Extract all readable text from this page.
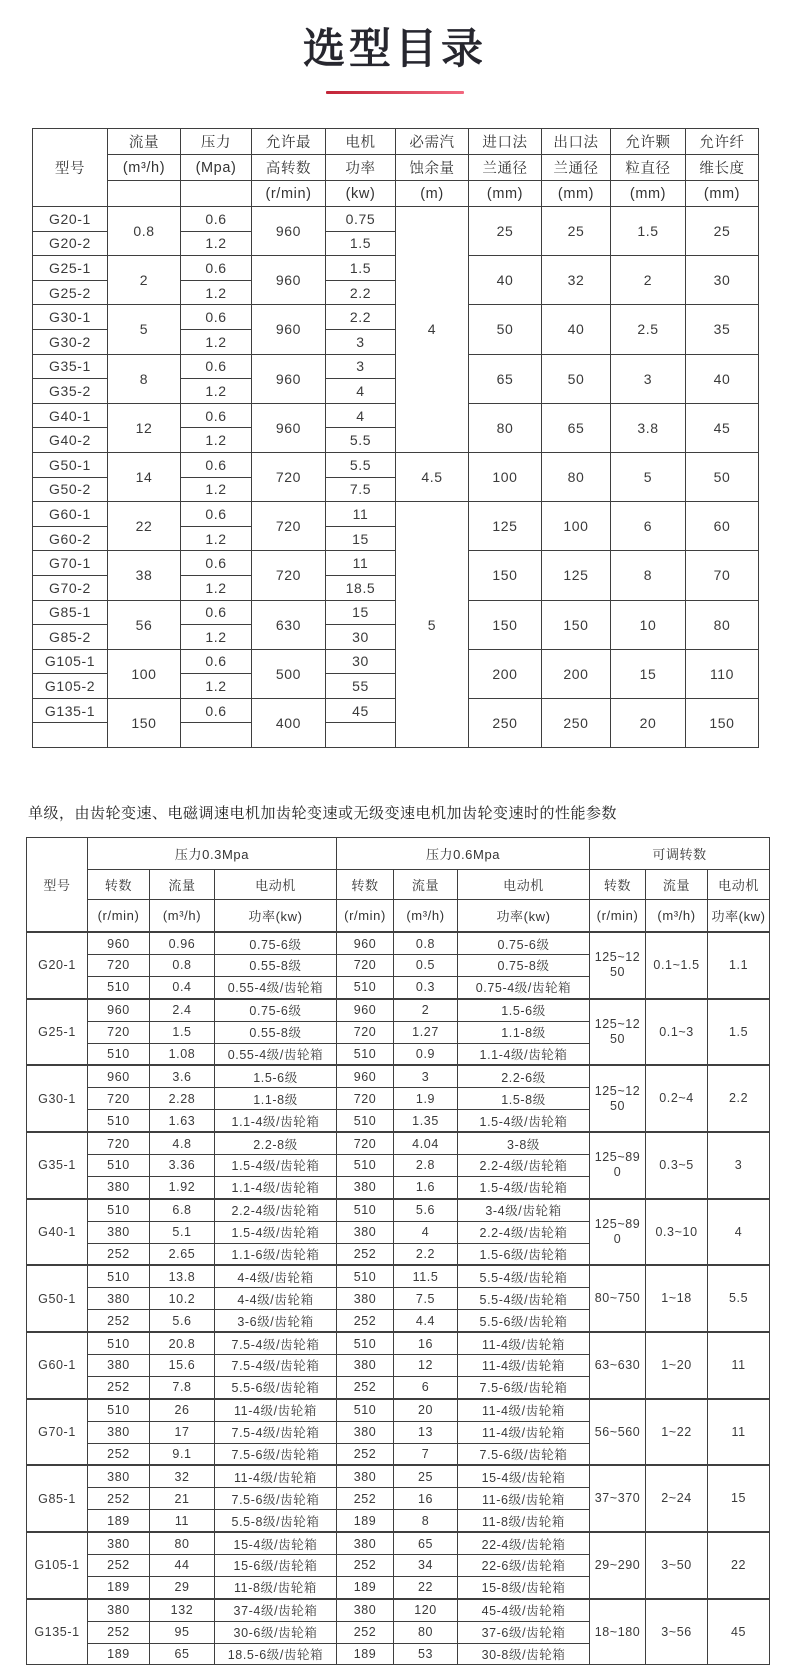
选型目录
型号	流量	压力	允许最	电机	必需汽	进口法	出口法	允许颗	允许纤
	(m³/h)	(Mpa)	高转数	功率	蚀余量	兰通径	兰通径	粒直径	维长度
			(r/min)	(kw)	(m)	(mm)	(mm)	(mm)	(mm)
G20-1	0.8	0.6	960	0.75	4	25	25	1.5	25
G20-2		1.2		1.5					
G25-1	2	0.6	960	1.5		40	32	2	30
G25-2		1.2		2.2					
G30-1	5	0.6	960	2.2		50	40	2.5	35
G30-2		1.2		3					
G35-1	8	0.6	960	3		65	50	3	40
G35-2		1.2		4					
G40-1	12	0.6	960	4		80	65	3.8	45
G40-2		1.2		5.5					
G50-1	14	0.6	720	5.5	4.5	100	80	5	50
G50-2		1.2		7.5					
G60-1	22	0.6	720	11	5	125	100	6	60
G60-2		1.2		15					
G70-1	38	0.6	720	11		150	125	8	70
G70-2		1.2		18.5					
G85-1	56	0.6	630	15		150	150	10	80
G85-2		1.2		30					
G105-1	100	0.6	500	30		200	200	15	110
G105-2		1.2		55					
G135-1	150	0.6	400	45		250	250	20	150

单级，由齿轮变速、电磁调速电机加齿轮变速或无级变速电机加齿轮变速时的性能参数
型号	压力0.3Mpa			压力0.6Mpa			可调转数		
	转数	流量	电动机	转数	流量	电动机	转数	流量	电动机
	(r/min)	(m³/h)	功率(kw)	(r/min)	(m³/h)	功率(kw)	(r/min)	(m³/h)	功率(kw)
G20-1	960	0.96	0.75-6级	960	0.8	0.75-6级	125~1250	0.1~1.5	1.1
	720	0.8	0.55-8级	720	0.5	0.75-8级			
	510	0.4	0.55-4级/齿轮箱	510	0.3	0.75-4级/齿轮箱			
G25-1	960	2.4	0.75-6级	960	2	1.5-6级	125~1250	0.1~3	1.5
	720	1.5	0.55-8级	720	1.27	1.1-8级			
	510	1.08	0.55-4级/齿轮箱	510	0.9	1.1-4级/齿轮箱			
G30-1	960	3.6	1.5-6级	960	3	2.2-6级	125~1250	0.2~4	2.2
	720	2.28	1.1-8级	720	1.9	1.5-8级			
	510	1.63	1.1-4级/齿轮箱	510	1.35	1.5-4级/齿轮箱			
G35-1	720	4.8	2.2-8级	720	4.04	3-8级	125~890	0.3~5	3
	510	3.36	1.5-4级/齿轮箱	510	2.8	2.2-4级/齿轮箱			
	380	1.92	1.1-4级/齿轮箱	380	1.6	1.5-4级/齿轮箱			
G40-1	510	6.8	2.2-4级/齿轮箱	510	5.6	3-4级/齿轮箱	125~890	0.3~10	4
	380	5.1	1.5-4级/齿轮箱	380	4	2.2-4级/齿轮箱			
	252	2.65	1.1-6级/齿轮箱	252	2.2	1.5-6级/齿轮箱			
G50-1	510	13.8	4-4级/齿轮箱	510	11.5	5.5-4级/齿轮箱	80~750	1~18	5.5
	380	10.2	4-4级/齿轮箱	380	7.5	5.5-4级/齿轮箱			
	252	5.6	3-6级/齿轮箱	252	4.4	5.5-6级/齿轮箱			
G60-1	510	20.8	7.5-4级/齿轮箱	510	16	11-4级/齿轮箱	63~630	1~20	11
	380	15.6	7.5-4级/齿轮箱	380	12	11-4级/齿轮箱			
	252	7.8	5.5-6级/齿轮箱	252	6	7.5-6级/齿轮箱			
G70-1	510	26	11-4级/齿轮箱	510	20	11-4级/齿轮箱	56~560	1~22	11
	380	17	7.5-4级/齿轮箱	380	13	11-4级/齿轮箱			
	252	9.1	7.5-6级/齿轮箱	252	7	7.5-6级/齿轮箱			
G85-1	380	32	11-4级/齿轮箱	380	25	15-4级/齿轮箱	37~370	2~24	15
	252	21	7.5-6级/齿轮箱	252	16	11-6级/齿轮箱			
	189	11	5.5-8级/齿轮箱	189	8	11-8级/齿轮箱			
G105-1	380	80	15-4级/齿轮箱	380	65	22-4级/齿轮箱	29~290	3~50	22
	252	44	15-6级/齿轮箱	252	34	22-6级/齿轮箱			
	189	29	11-8级/齿轮箱	189	22	15-8级/齿轮箱			
G135-1	380	132	37-4级/齿轮箱	380	120	45-4级/齿轮箱	18~180	3~56	45
	252	95	30-6级/齿轮箱	252	80	37-6级/齿轮箱			
	189	65	18.5-6级/齿轮箱	189	53	30-8级/齿轮箱			
